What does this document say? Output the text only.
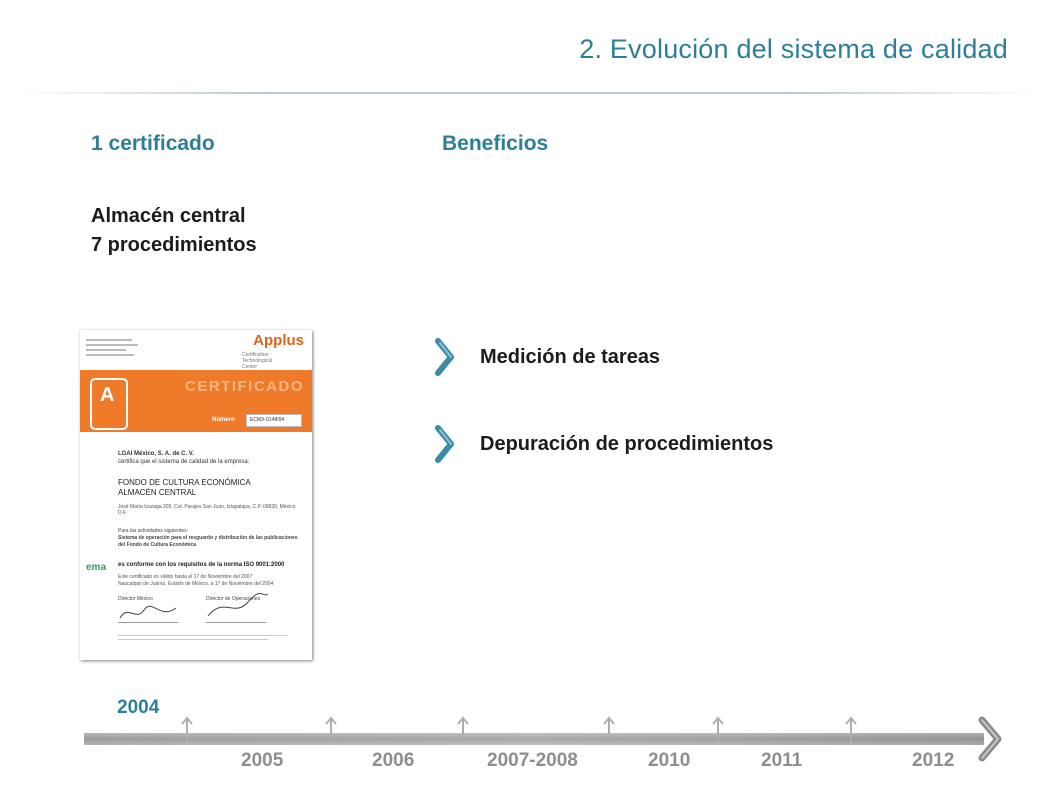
2. Evolución del sistema de calidad
1 certificado	Beneficios
Almacén central
7 procedimientos
Medición de tareas
Depuración de procedimientos
Applus
Certification Technological Center
A	CERTIFICADO
Número	ECMX-0148/04
LGAI México, S. A. de C. V.
certifica que el sistema de calidad de la empresa:
FONDO DE CULTURA ECONÓMICA
ALMACÉN CENTRAL
José María Izazaga 205, Col. Parajes San Juan, Iztapalapa, C.P. 09830, México D.F.
Para las actividades siguientes:
Sistema de operación para el resguardo y distribución de las publicaciones del Fondo de Cultura Económica
ema es conforme con los requisitos de la norma ISO 9001:2000
Este certificado es válido hasta el 17 de Noviembre del 2007
Naucalpan de Juárez, Estado de México, a 17 de Noviembre del 2004
Director México	Director de Operaciones
2004
2005	2006	2007-2008	2010	2011	2012
